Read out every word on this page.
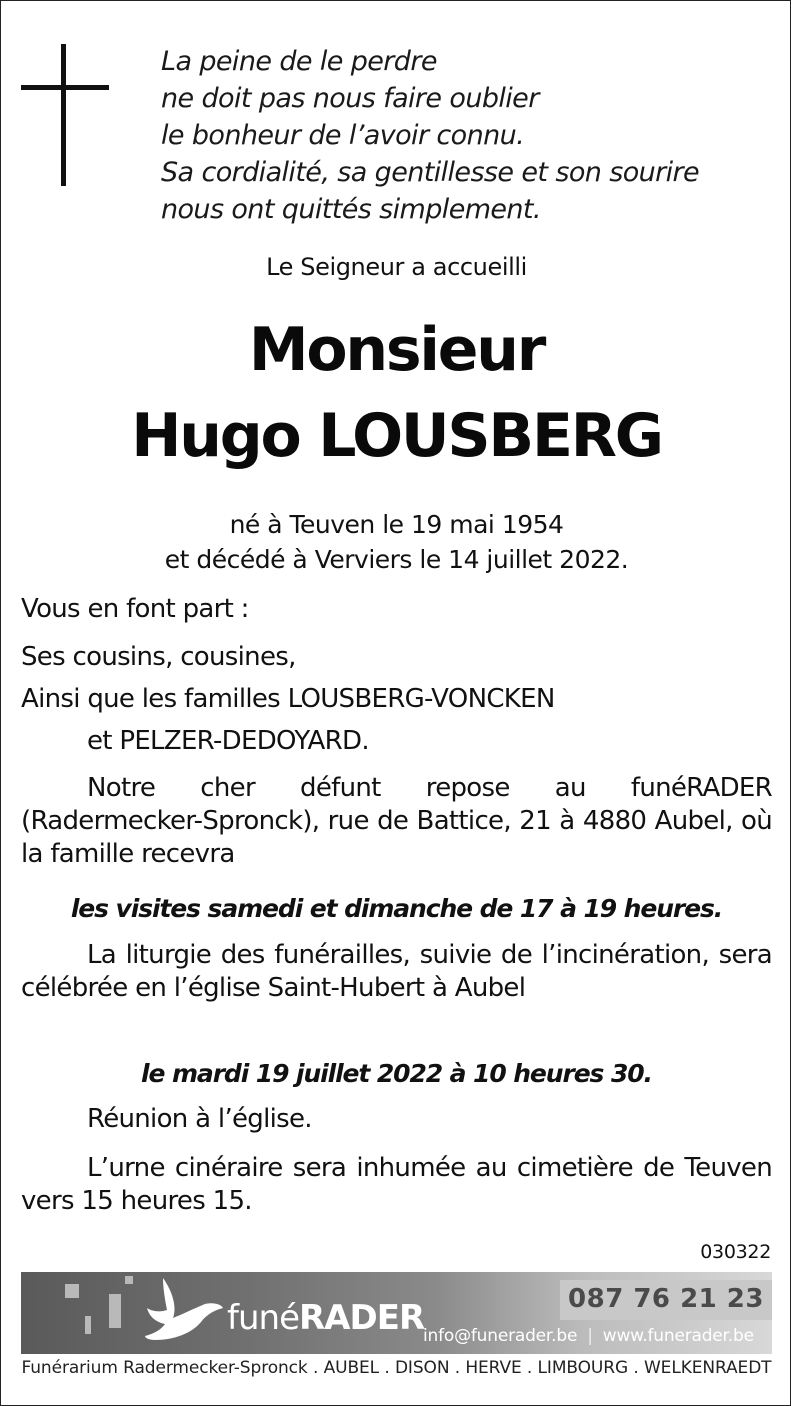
La peine de le perdre
ne doit pas nous faire oublier
le bonheur de l’avoir connu.
Sa cordialité, sa gentillesse et son sourire
nous ont quittés simplement.
Le Seigneur a accueilli
Monsieur
Hugo LOUSBERG
né à Teuven le 19 mai 1954
et décédé à Verviers le 14 juillet 2022.
Vous en font part :
Ses cousins, cousines,
Ainsi que les familles LOUSBERG-VONCKEN
et PELZER-DEDOYARD.
Notre cher défunt repose au funéRADER (Radermecker-Spronck), rue de Battice, 21 à 4880 Aubel, où la famille recevra
les visites samedi et dimanche de 17 à 19 heures.
La liturgie des funérailles, suivie de l’incinération, sera célébrée en l’église Saint-Hubert à Aubel
le mardi 19 juillet 2022 à 10 heures 30.
Réunion à l’église.
L’urne cinéraire sera inhumée au cimetière de Teuven vers 15 heures 15.
030322
funéRADER	087 76 21 23
info@funerader.be | www.funerader.be
Funérarium Radermecker-Spronck . AUBEL . DISON . HERVE . LIMBOURG . WELKENRAEDT
